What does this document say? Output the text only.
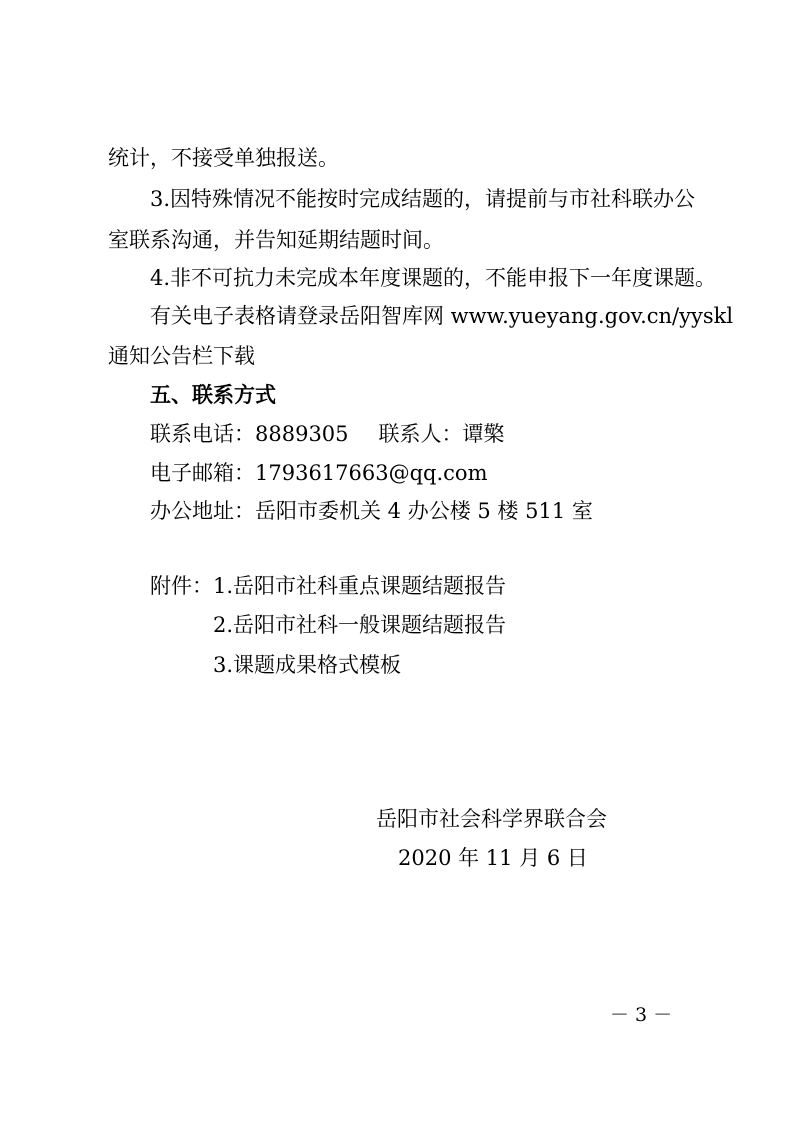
统计，不接受单独报送。

3.因特殊情况不能按时完成结题的，请提前与市社科联办公

室联系沟通，并告知延期结题时间。

4.非不可抗力未完成本年度课题的，不能申报下一年度课题。

有关电子表格请登录岳阳智库网 www.yueyang.gov.cn/yyskl

通知公告栏下载

五、联系方式
联系电话：8889305 联系人：谭檠
电子邮箱：1793617663@qq.com
办公地址：岳阳市委机关 4 办公楼 5 楼 511 室
附件： 1.岳阳市社科重点课题结题报告
2.岳阳市社科一般课题结题报告
3.课题成果格式模板
岳阳市社会科学界联合会
2020 年 11 月 6 日
－ 3 －
